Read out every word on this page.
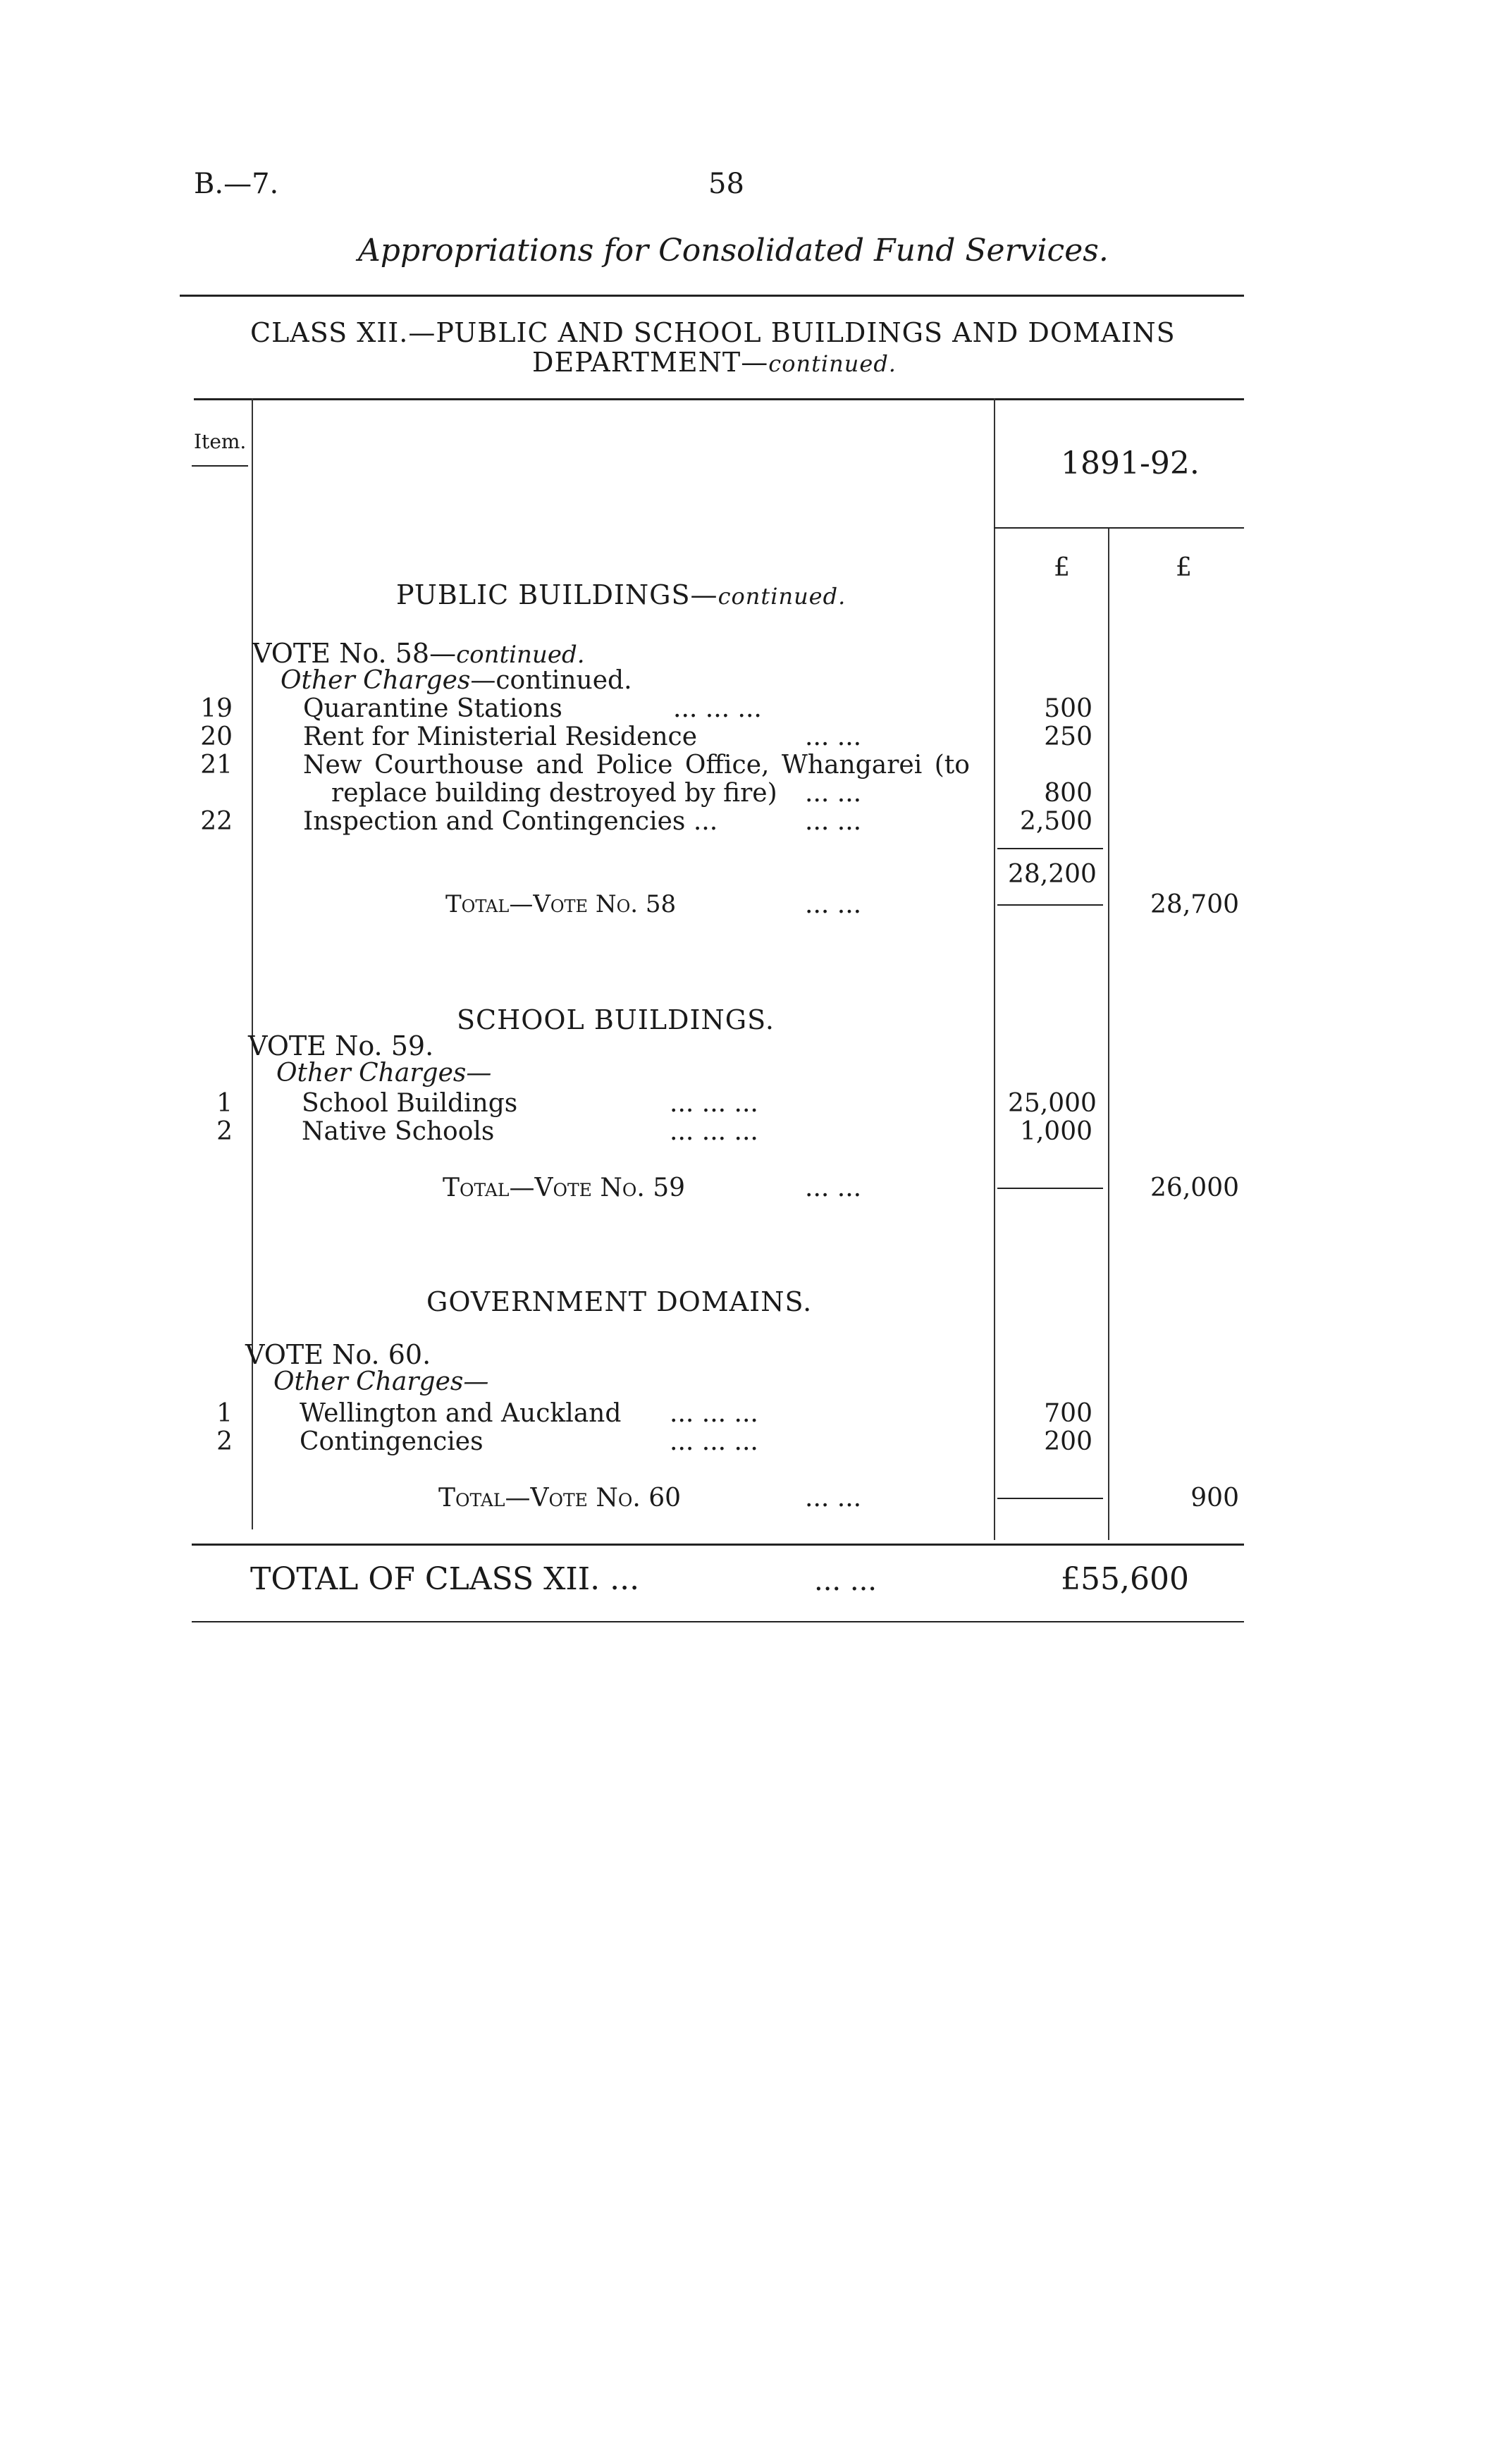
B.—7.	58
Appropriations for Consolidated Fund Services.
CLASS XII.—PUBLIC AND SCHOOL BUILDINGS AND DOMAINS
DEPARTMENT—continued.
Item.
1891-92.
£	£
PUBLIC BUILDINGS—continued.
VOTE No. 58—continued.
Other Charges—continued.
19	Quarantine Stations	... ... ...	500
20	Rent for Ministerial Residence	... ...	250
21	New Courthouse and Police Office, Whangarei (to
replace building destroyed by fire) ... ...	800
22	Inspection and Contingencies ...	... ...	2,500
28,200
Total—Vote No. 58	... ...	28,700
SCHOOL BUILDINGS.
VOTE No. 59.
Other Charges—
1	School Buildings	... ... ...	25,000
2	Native Schools	... ... ...	1,000
Total—Vote No. 59	... ...	26,000
GOVERNMENT DOMAINS.
VOTE No. 60.
Other Charges—
1	Wellington and Auckland ... ... ...	700
2	Contingencies	... ... ...	200
Total—Vote No. 60	... ...	900
TOTAL OF CLASS XII. ...	... ...	£55,600
